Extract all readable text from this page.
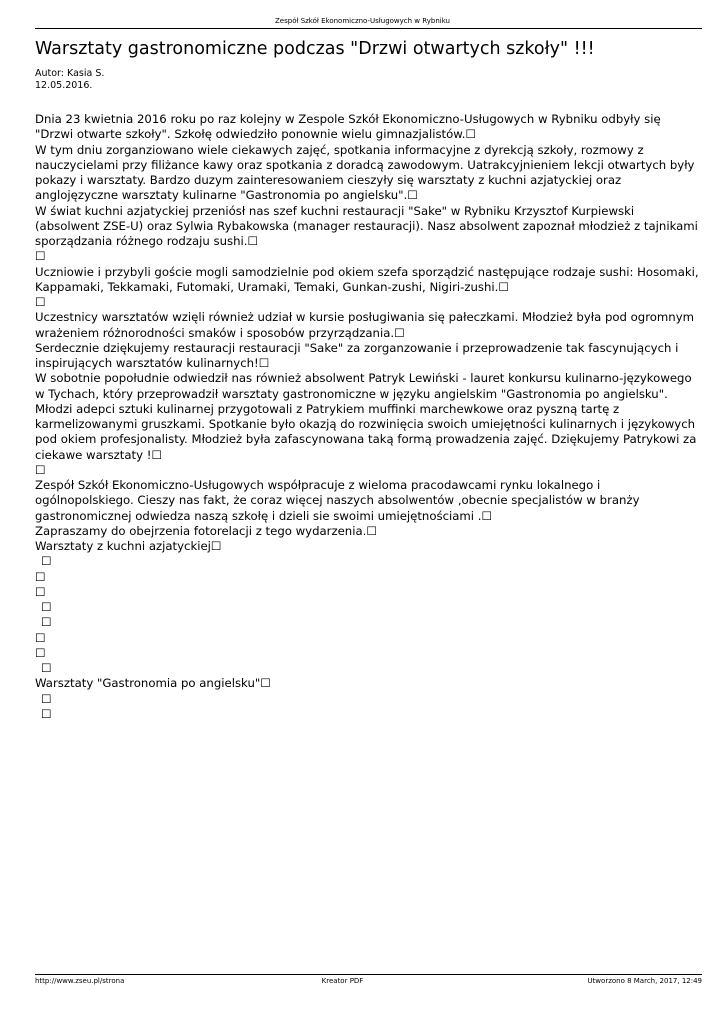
Zespół Szkół Ekonomiczno-Usługowych w Rybniku
Warsztaty gastronomiczne podczas "Drzwi otwartych szkoły" !!!
Autor: Kasia S.
12.05.2016.

Dnia 23 kwietnia 2016 roku po raz kolejny w Zespole Szkół Ekonomiczno-Usługowych w Rybniku odbyły się "Drzwi otwarte szkoły". Szkołę odwiedziło ponownie wielu gimnazjalistów.☐

W tym dniu zorganziowano wiele ciekawych zajęć, spotkania informacyjne z dyrekcją szkoły, rozmowy z nauczycielami przy filiżance kawy oraz spotkania z doradcą zawodowym. Uatrakcyjnieniem lekcji otwartych były pokazy i warsztaty. Bardzo duzym zainteresowaniem cieszyły się warsztaty z kuchni azjatyckiej oraz anglojęzyczne warsztaty kulinarne "Gastronomia po angielsku".☐

W świat kuchni azjatyckiej przeniósł nas szef kuchni restauracji "Sake" w Rybniku Krzysztof Kurpiewski (absolwent ZSE-U) oraz Sylwia Rybakowska (manager restauracji). Nasz absolwent zapoznał młodzież z tajnikami sporządzania różnego rodzaju sushi.☐

☐

Uczniowie i przybyli goście mogli samodzielnie pod okiem szefa sporządzić następujące rodzaje sushi: Hosomaki, Kappamaki, Tekkamaki, Futomaki, Uramaki, Temaki, Gunkan-zushi, Nigiri-zushi.☐

☐

Uczestnicy warsztatów wzięli również udział w kursie posługiwania się pałeczkami. Młodzież była pod ogromnym wrażeniem różnorodności smaków i sposobów przyrządzania.☐

Serdecznie dziękujemy restauracji restauracji "Sake" za zorganzowanie i przeprowadzenie tak fascynujących i inspirujących warsztatów kulinarnych!☐

W sobotnie popołudnie odwiedził nas również absolwent Patryk Lewiński - lauret konkursu kulinarno-językowego w Tychach, który przeprowadził warsztaty gastronomiczne w języku angielskim "Gastronomia po angielsku". Młodzi adepci sztuki kulinarnej przygotowali z Patrykiem muffinki marchewkowe oraz pyszną tartę z karmelizowanymi gruszkami. Spotkanie było okazją do rozwinięcia swoich umiejętności kulinarnych i językowych pod okiem profesjonalisty. Młodzież była zafascynowana taką formą prowadzenia zajęć. Dziękujemy Patrykowi za ciekawe warsztaty !☐

☐

Zespół Szkół Ekonomiczno-Usługowych współpracuje z wieloma pracodawcami rynku lokalnego i ogólnopolskiego. Cieszy nas fakt, że coraz więcej naszych absolwentów ,obecnie specjalistów w branży gastronomicznej odwiedza naszą szkołę i dzieli sie swoimi umiejętnościami .☐

Zapraszamy do obejrzenia fotorelacji z tego wydarzenia.☐

Warsztaty z kuchni azjatyckiej☐

☐

☐

☐

☐

☐

☐

☐

☐

Warsztaty "Gastronomia po angielsku"☐

☐

☐

http://www.zseu.pl/strona	Kreator PDF	Utworzono 8 March, 2017, 12:49
